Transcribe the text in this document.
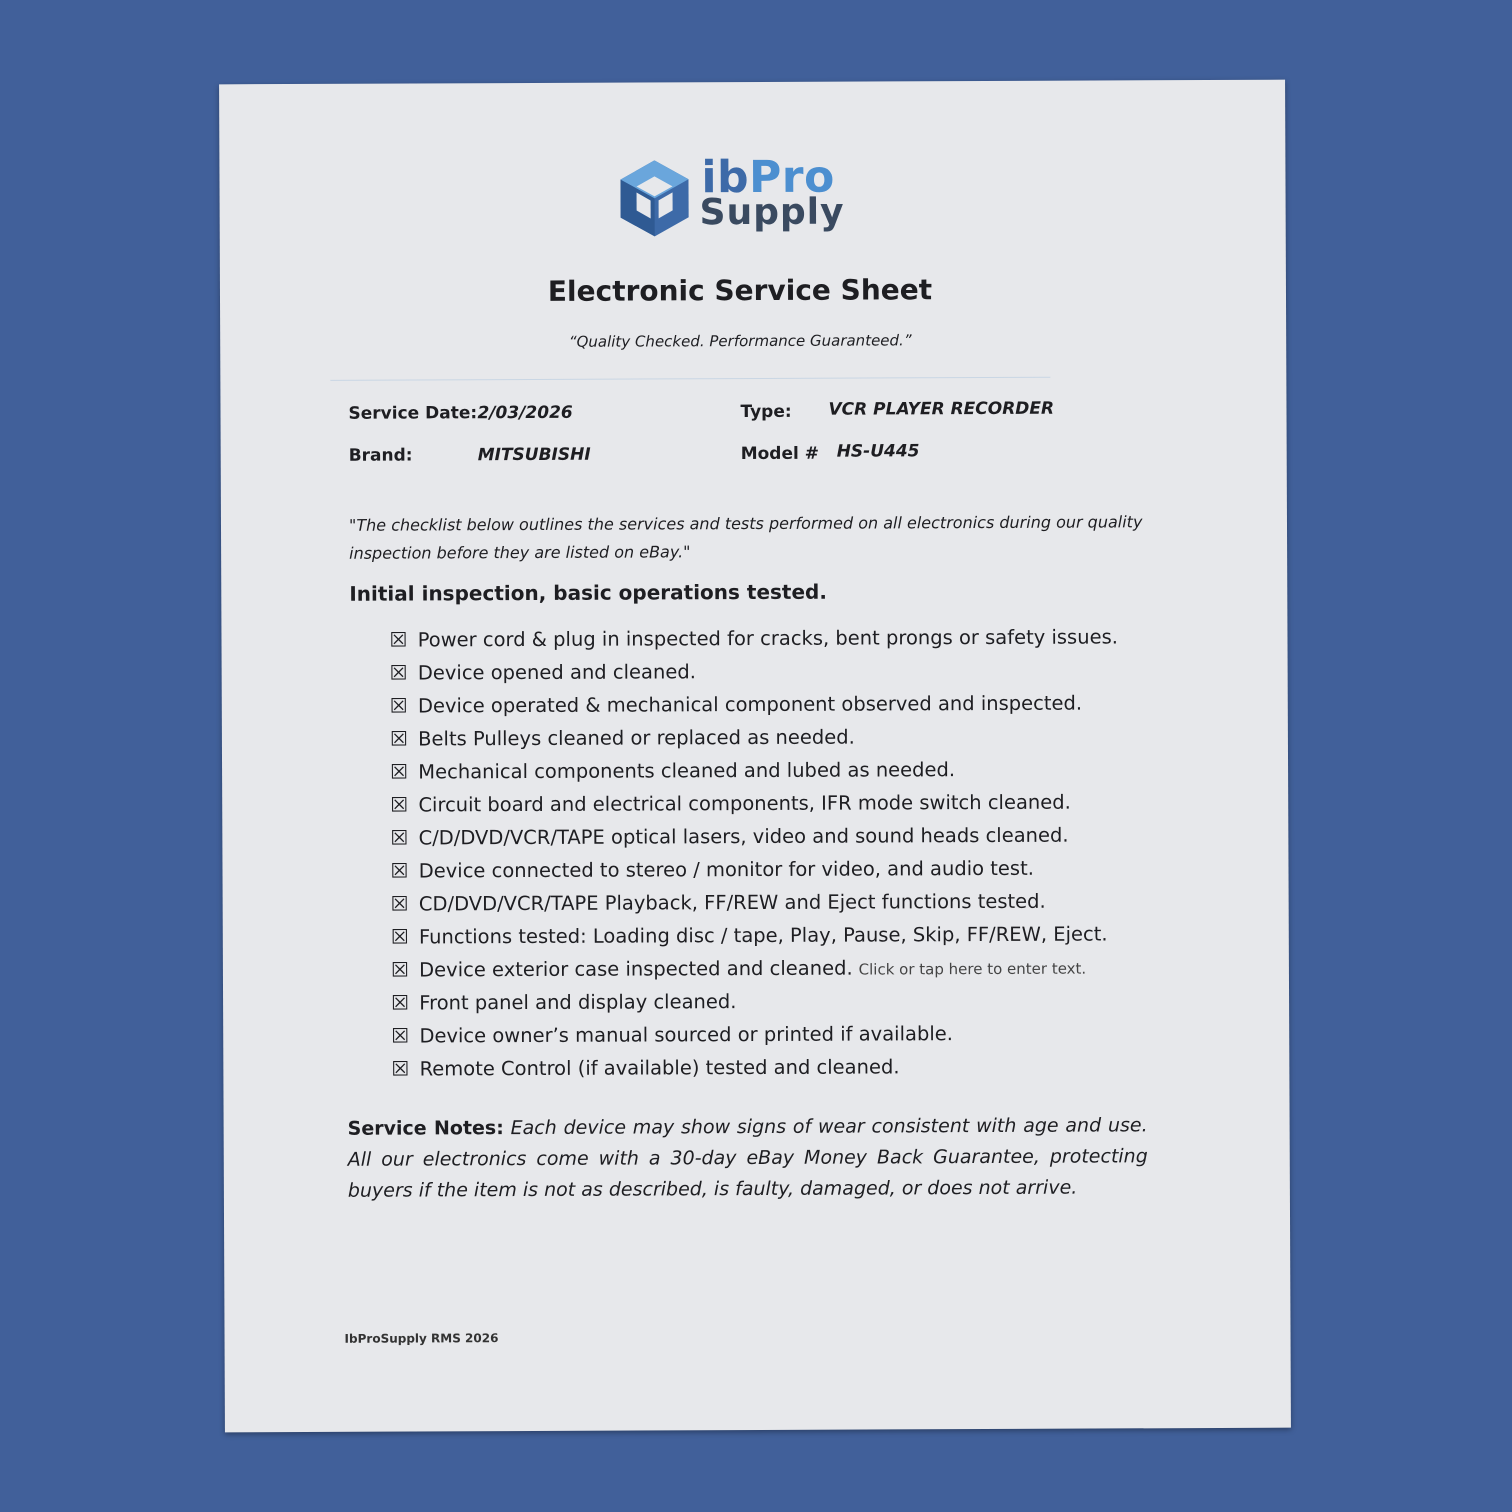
ibPro
Supply
Electronic Service Sheet
“Quality Checked. Performance Guaranteed.”
Service Date: 2/03/2026	Type: VCR PLAYER RECORDER
Brand:	MITSUBISHI	Model # HS-U445
"The checklist below outlines the services and tests performed on all electronics during our quality inspection before they are listed on eBay."
Initial inspection, basic operations tested.
☒ Power cord & plug in inspected for cracks, bent prongs or safety issues.
☒ Device opened and cleaned.
☒ Device operated & mechanical component observed and inspected.
☒ Belts Pulleys cleaned or replaced as needed.
☒ Mechanical components cleaned and lubed as needed.
☒ Circuit board and electrical components, IFR mode switch cleaned.
☒ C/D/DVD/VCR/TAPE optical lasers, video and sound heads cleaned.
☒ Device connected to stereo / monitor for video, and audio test.
☒ CD/DVD/VCR/TAPE Playback, FF/REW and Eject functions tested.
☒ Functions tested: Loading disc / tape, Play, Pause, Skip, FF/REW, Eject.
☒ Device exterior case inspected and cleaned. Click or tap here to enter text.
☒ Front panel and display cleaned.
☒ Device owner’s manual sourced or printed if available.
☒ Remote Control (if available) tested and cleaned.
Service Notes: Each device may show signs of wear consistent with age and use. All our electronics come with a 30-day eBay Money Back Guarantee, protecting buyers if the item is not as described, is faulty, damaged, or does not arrive.
IbProSupply RMS 2026
